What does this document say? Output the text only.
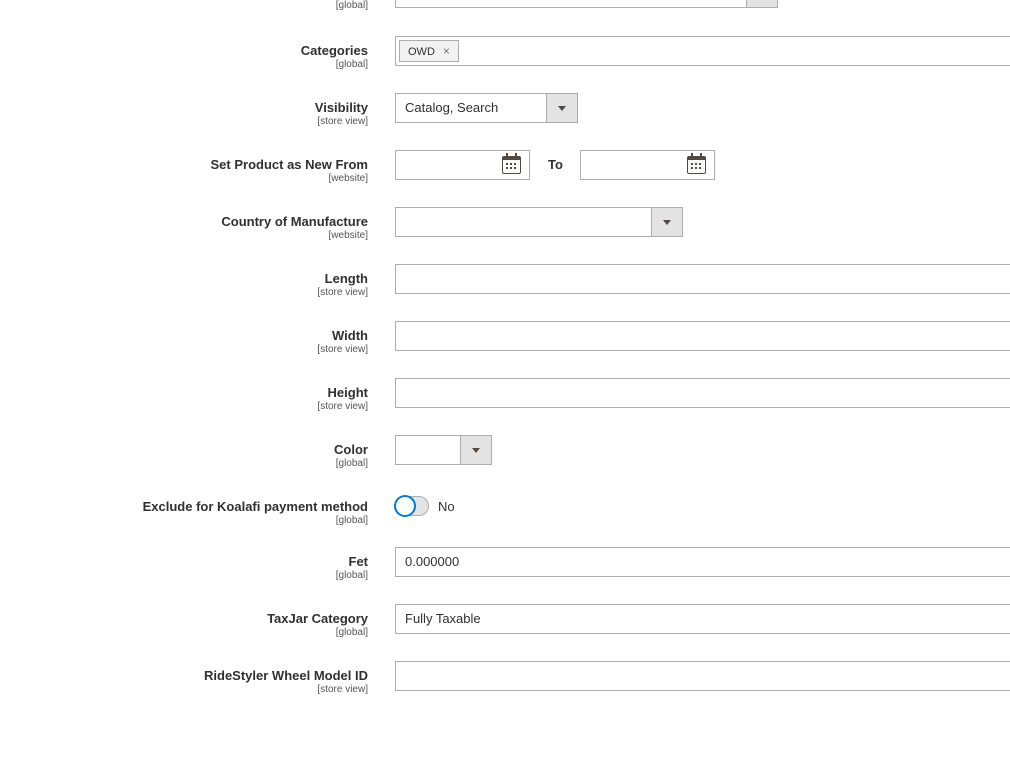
[global]
Categories
[global]
OWD ×
Visibility
[store view]
Catalog, Search
Set Product as New From
[website]
To
Country of Manufacture
[website]
Length
[store view]
Width
[store view]
Height
[store view]
Color
[global]
Exclude for Koalafi payment method
[global]
No
Fet
[global]
0.000000
TaxJar Category
[global]
Fully Taxable
RideStyler Wheel Model ID
[store view]
